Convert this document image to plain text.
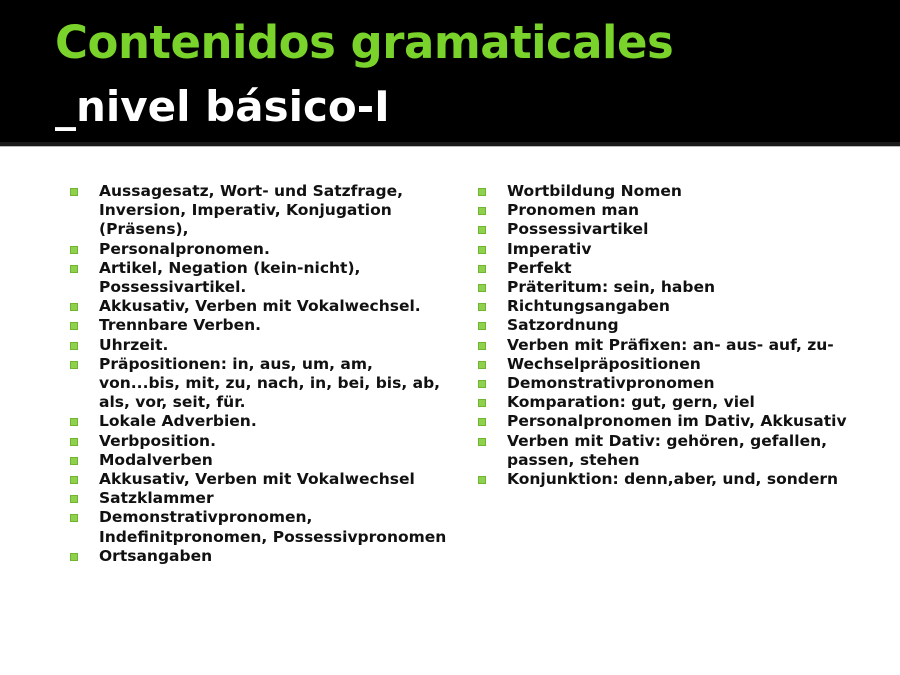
Contenidos gramaticales
_nivel básico-I
Aussagesatz, Wort- und Satzfrage, Inversion, Imperativ, Konjugation (Präsens),
Personalpronomen.
Artikel, Negation (kein-nicht), Possessivartikel.
Akkusativ, Verben mit Vokalwechsel.
Trennbare Verben.
Uhrzeit.
Präpositionen: in, aus, um, am, von...bis, mit, zu, nach, in, bei, bis, ab, als, vor, seit, für.
Lokale Adverbien.
Verbposition.
Modalverben
Akkusativ, Verben mit Vokalwechsel
Satzklammer
Demonstrativpronomen, Indefinitpronomen, Possessivpronomen
Ortsangaben
Wortbildung Nomen
Pronomen man
Possessivartikel
Imperativ
Perfekt
Präteritum: sein, haben
Richtungsangaben
Satzordnung
Verben mit Präfixen: an- aus- auf, zu-
Wechselpräpositionen
Demonstrativpronomen
Komparation: gut, gern, viel
Personalpronomen im Dativ, Akkusativ
Verben mit Dativ: gehören, gefallen, passen, stehen
Konjunktion: denn,aber, und, sondern
